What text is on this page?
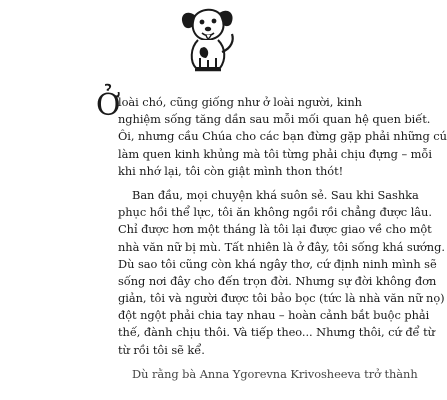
Ở
loài chó, cũng giống như ở loài người, kinh
nghiệm sống tăng dần sau mỗi mối quan hệ quen biết.
Ôi, nhưng cầu Chúa cho các bạn đừng gặp phải những cú
làm quen kinh khủng mà tôi từng phải chịu đựng – mỗi
khi nhớ lại, tôi còn giật mình thon thót!
Ban đầu, mọi chuyện khá suôn sẻ. Sau khi Sashka
phục hồi thể lực, tôi ăn không ngồi rồi chẳng được lâu.
Chỉ được hơn một tháng là tôi lại được giao về cho một
nhà văn nữ bị mù. Tất nhiên là ở đây, tôi sống khá sướng.
Dù sao tôi cũng còn khá ngây thơ, cứ định ninh mình sẽ
sống nơi đây cho đến trọn đời. Nhưng sự đời không đơn
giản, tôi và người được tôi bảo bọc (tức là nhà văn nữ nọ)
đột ngột phải chia tay nhau – hoàn cảnh bắt buộc phải
thế, đành chịu thôi. Và tiếp theo... Nhưng thôi, cứ để từ
từ rồi tôi sẽ kể.
Dù rằng bà Anna Ygorevna Krivosheeva trở thành
